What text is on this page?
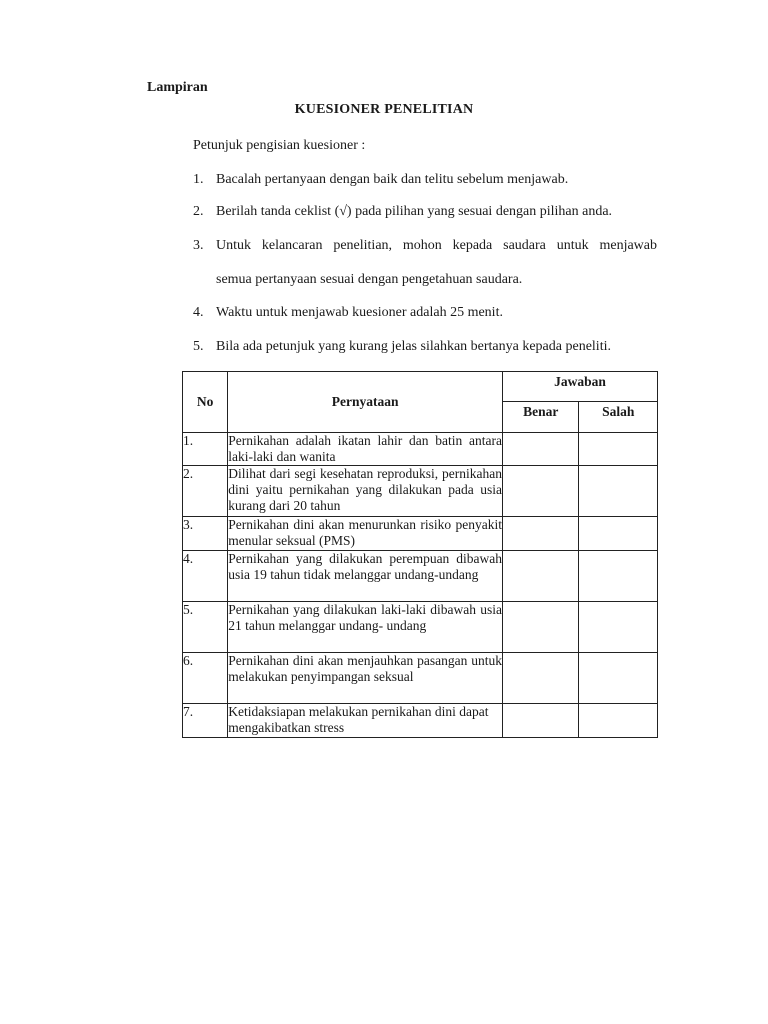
Lampiran
KUESIONER PENELITIAN
Petunjuk pengisian kuesioner :
1. Bacalah pertanyaan dengan baik dan telitu sebelum menjawab.
2. Berilah tanda ceklist (√) pada pilihan yang sesuai dengan pilihan anda.
3. Untuk kelancaran penelitian, mohon kepada saudara untuk menjawab
semua pertanyaan sesuai dengan pengetahuan saudara.
4. Waktu untuk menjawab kuesioner adalah 25 menit.
5. Bila ada petunjuk yang kurang jelas silahkan bertanya kepada peneliti.
No	Pernyataan	Jawaban	
		Benar	Salah
1.	Pernikahan adalah ikatan lahir dan batin antara laki-laki dan wanita		
2.	Dilihat dari segi kesehatan reproduksi, pernikahan dini yaitu pernikahan yang dilakukan pada usia kurang dari 20 tahun		
3.	Pernikahan dini akan menurunkan risiko penyakit menular seksual (PMS)		
4.	Pernikahan yang dilakukan perempuan dibawah usia 19 tahun tidak melanggar undang-undang		
5.	Pernikahan yang dilakukan laki-laki dibawah usia 21 tahun melanggar undang- undang		
6.	Pernikahan dini akan menjauhkan pasangan untuk melakukan penyimpangan seksual		
7.	Ketidaksiapan melakukan pernikahan dini dapat mengakibatkan stress		
